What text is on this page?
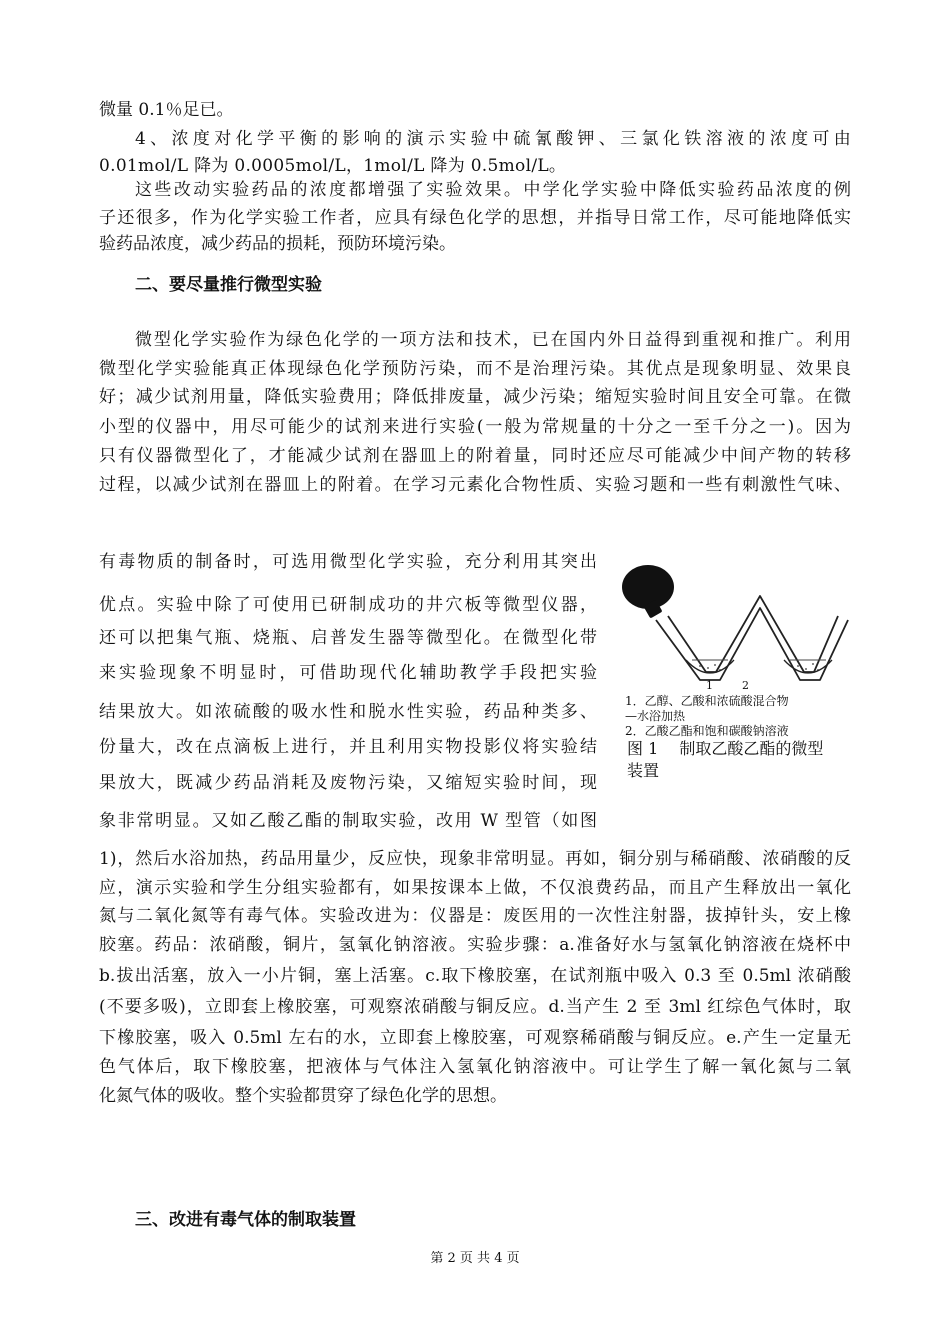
微量 0.1％足已。

4、浓度对化学平衡的影响的演示实验中硫氰酸钾、三氯化铁溶液的浓度可由

0.01mol/L 降为 0.0005mol/L，1mol/L 降为 0.5mol/L。

这些改动实验药品的浓度都增强了实验效果。中学化学实验中降低实验药品浓度的例

子还很多，作为化学实验工作者，应具有绿色化学的思想，并指导日常工作，尽可能地降低实

验药品浓度，减少药品的损耗，预防环境污染。

二、要尽量推行微型实验

微型化学实验作为绿色化学的一项方法和技术，已在国内外日益得到重视和推广。利用

微型化学实验能真正体现绿色化学预防污染，而不是治理污染。其优点是现象明显、效果良

好；减少试剂用量，降低实验费用；降低排废量，减少污染；缩短实验时间且安全可靠。在微

小型的仪器中，用尽可能少的试剂来进行实验(一般为常规量的十分之一至千分之一)。因为

只有仪器微型化了，才能减少试剂在器皿上的附着量，同时还应尽可能减少中间产物的转移

过程，以减少试剂在器皿上的附着。在学习元素化合物性质、实验习题和一些有刺激性气味、

有毒物质的制备时，可选用微型化学实验，充分利用其突出

优点。实验中除了可使用已研制成功的井穴板等微型仪器，

还可以把集气瓶、烧瓶、启普发生器等微型化。在微型化带

来实验现象不明显时，可借助现代化辅助教学手段把实验

结果放大。如浓硫酸的吸水性和脱水性实验，药品种类多、

份量大，改在点滴板上进行，并且利用实物投影仪将实验结

果放大，既减少药品消耗及废物污染，又缩短实验时间，现

象非常明显。又如乙酸乙酯的制取实验，改用 W 型管（如图

1)，然后水浴加热，药品用量少，反应快，现象非常明显。再如，铜分别与稀硝酸、浓硝酸的反

应，演示实验和学生分组实验都有，如果按课本上做，不仅浪费药品，而且产生释放出一氧化

氮与二氧化氮等有毒气体。实验改进为：仪器是：废医用的一次性注射器，拔掉针头，安上橡

胶塞。药品：浓硝酸，铜片，氢氧化钠溶液。实验步骤：a.准备好水与氢氧化钠溶液在烧杯中

b.拔出活塞，放入一小片铜，塞上活塞。c.取下橡胶塞，在试剂瓶中吸入 0.3 至 0.5ml 浓硝酸

(不要多吸)，立即套上橡胶塞，可观察浓硝酸与铜反应。d.当产生 2 至 3ml 红综色气体时，取

下橡胶塞，吸入 0.5ml 左右的水，立即套上橡胶塞，可观察稀硝酸与铜反应。e.产生一定量无

色气体后，取下橡胶塞，把液体与气体注入氢氧化钠溶液中。可让学生了解一氧化氮与二氧

化氮气体的吸收。整个实验都贯穿了绿色化学的思想。

1	2
1．乙醇、乙酸和浓硫酸混合物
—水浴加热
2．乙酸乙酯和饱和碳酸钠溶液
图 1　 制取乙酸乙酯的微型
装置
三、改进有毒气体的制取装置
第 2 页 共 4 页
